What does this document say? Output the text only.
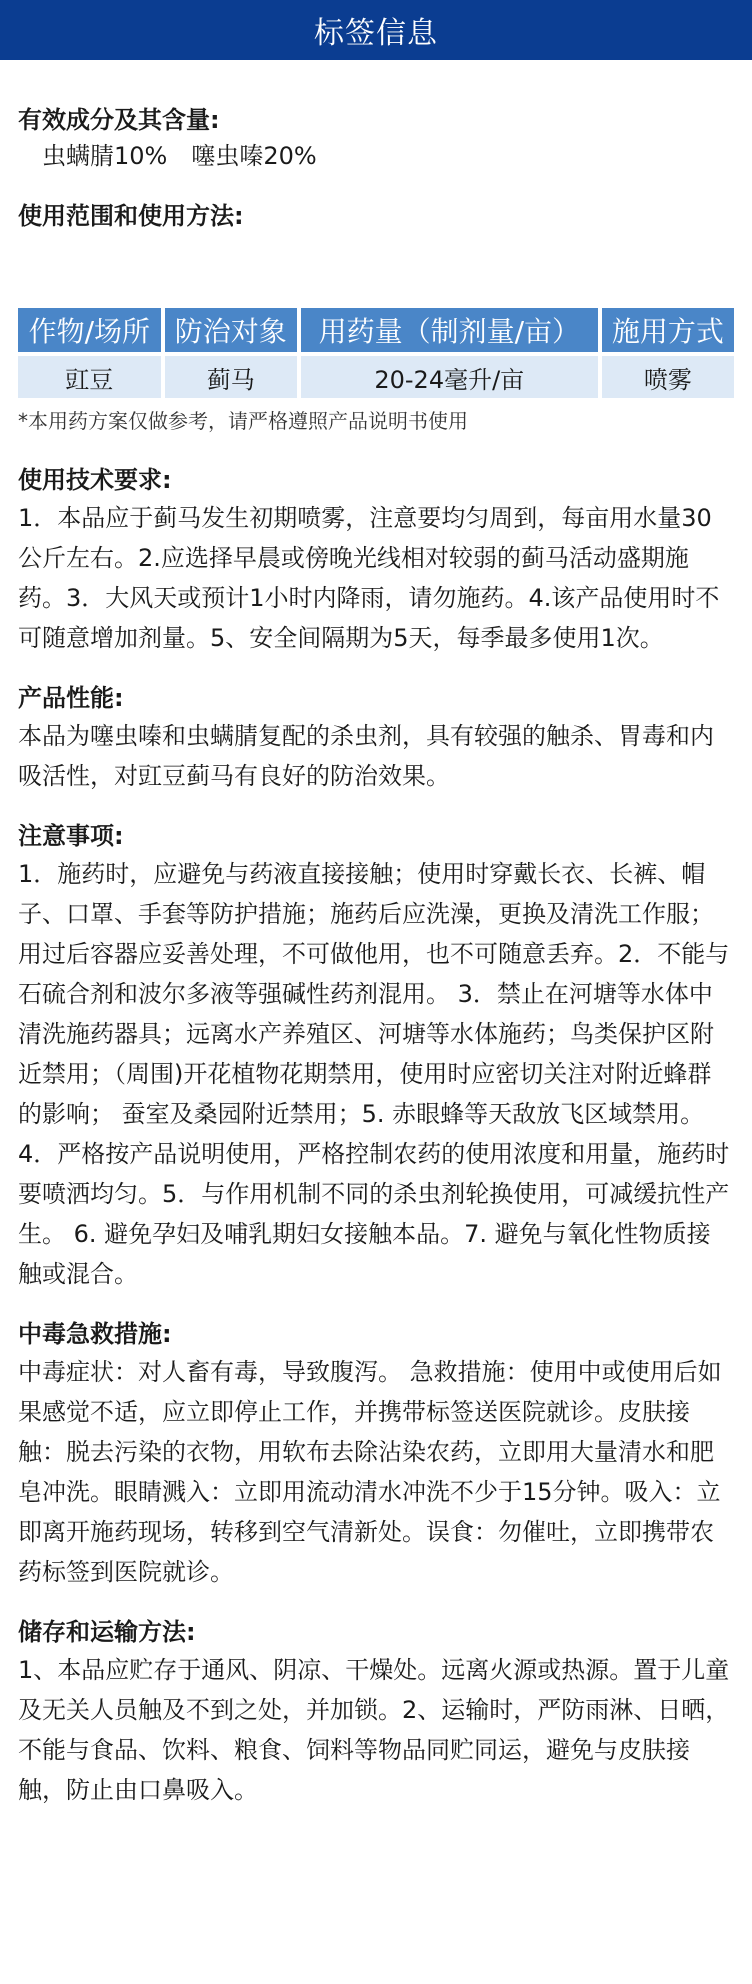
标签信息
有效成分及其含量:
虫螨腈10% 噻虫嗪20%
使用范围和使用方法:
作物/场所	防治对象	用药量（制剂量/亩）	施用方式
豇豆	蓟马	20-24毫升/亩	喷雾
*本用药方案仅做参考，请严格遵照产品说明书使用
使用技术要求:

1．本品应于蓟马发生初期喷雾，注意要均匀周到，每亩用水量30公斤左右。2.应选择早晨或傍晚光线相对较弱的蓟马活动盛期施药。3．大风天或预计1小时内降雨，请勿施药。4.该产品使用时不可随意增加剂量。5、安全间隔期为5天，每季最多使用1次。

产品性能:

本品为噻虫嗪和虫螨腈复配的杀虫剂，具有较强的触杀、胃毒和内吸活性，对豇豆蓟马有良好的防治效果。

注意事项:

1．施药时，应避免与药液直接接触；使用时穿戴长衣、长裤、帽子、口罩、手套等防护措施；施药后应洗澡，更换及清洗工作服；用过后容器应妥善处理，不可做他用，也不可随意丢弃。2．不能与石硫合剂和波尔多液等强碱性药剂混用。 3．禁止在河塘等水体中清洗施药器具；远离水产养殖区、河塘等水体施药；鸟类保护区附近禁用；（周围)开花植物花期禁用，使用时应密切关注对附近蜂群的影响； 蚕室及桑园附近禁用；5. 赤眼蜂等天敌放飞区域禁用。 4．严格按产品说明使用，严格控制农药的使用浓度和用量，施药时要喷洒均匀。5．与作用机制不同的杀虫剂轮换使用，可减缓抗性产生。 6. 避免孕妇及哺乳期妇女接触本品。7. 避免与氧化性物质接触或混合。

中毒急救措施:

中毒症状：对人畜有毒，导致腹泻。 急救措施：使用中或使用后如果感觉不适，应立即停止工作，并携带标签送医院就诊。皮肤接触：脱去污染的衣物，用软布去除沾染农药，立即用大量清水和肥皂冲洗。眼睛溅入：立即用流动清水冲洗不少于15分钟。吸入：立即离开施药现场，转移到空气清新处。误食：勿催吐，立即携带农药标签到医院就诊。

储存和运输方法:

1、本品应贮存于通风、阴凉、干燥处。远离火源或热源。置于儿童及无关人员触及不到之处，并加锁。2、运输时，严防雨淋、日晒，不能与食品、饮料、粮食、饲料等物品同贮同运，避免与皮肤接触，防止由口鼻吸入。
